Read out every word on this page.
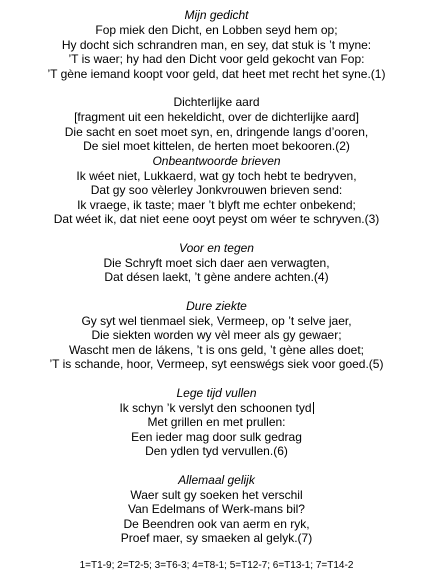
Mijn gedicht
Fop miek den Dicht, en Lobben seyd hem op;
Hy docht sich schrandren man, en sey, dat stuk is ’t myne:
’T is waer; hy had den Dicht voor geld gekocht van Fop:
’T gène iemand koopt voor geld, dat heet met recht het syne.(1)
Dichterlijke aard
[fragment uit een hekeldicht, over de dichterlijke aard]
Die sacht en soet moet syn, en, dringende langs d’ooren,
De siel moet kittelen, de herten moet bekooren.(2)
Onbeantwoorde brieven
Ik wéet niet, Lukkaerd, wat gy toch hebt te bedryven,
Dat gy soo vèlerley Jonkvrouwen brieven send:
Ik vraege, ik taste; maer ’t blyft me echter onbekend;
Dat wéet ik, dat niet eene ooyt peyst om wéer te schryven.(3)
Voor en tegen
Die Schryft moet sich daer aen verwagten,
Dat désen laekt, ’t gène andere achten.(4)
Dure ziekte
Gy syt wel tienmael siek, Vermeep, op ’t selve jaer,
Die siekten worden wy vèl meer als gy gewaer;
Wascht men de lákens, ’t is ons geld, ’t gène alles doet;
’T is schande, hoor, Vermeep, syt eenswégs siek voor goed.(5)
Lege tijd vullen
Ik schyn ’k verslyt den schoonen tyd
Met grillen en met prullen:
Een ieder mag door sulk gedrag
Den ydlen tyd vervullen.(6)
Allemaal gelijk
Waer sult gy soeken het verschil
Van Edelmans of Werk-mans bil?
De Beendren ook van aerm en ryk,
Proef maer, sy smaeken al gelyk.(7)
1=T1-9; 2=T2-5; 3=T6-3; 4=T8-1; 5=T12-7; 6=T13-1; 7=T14-2
